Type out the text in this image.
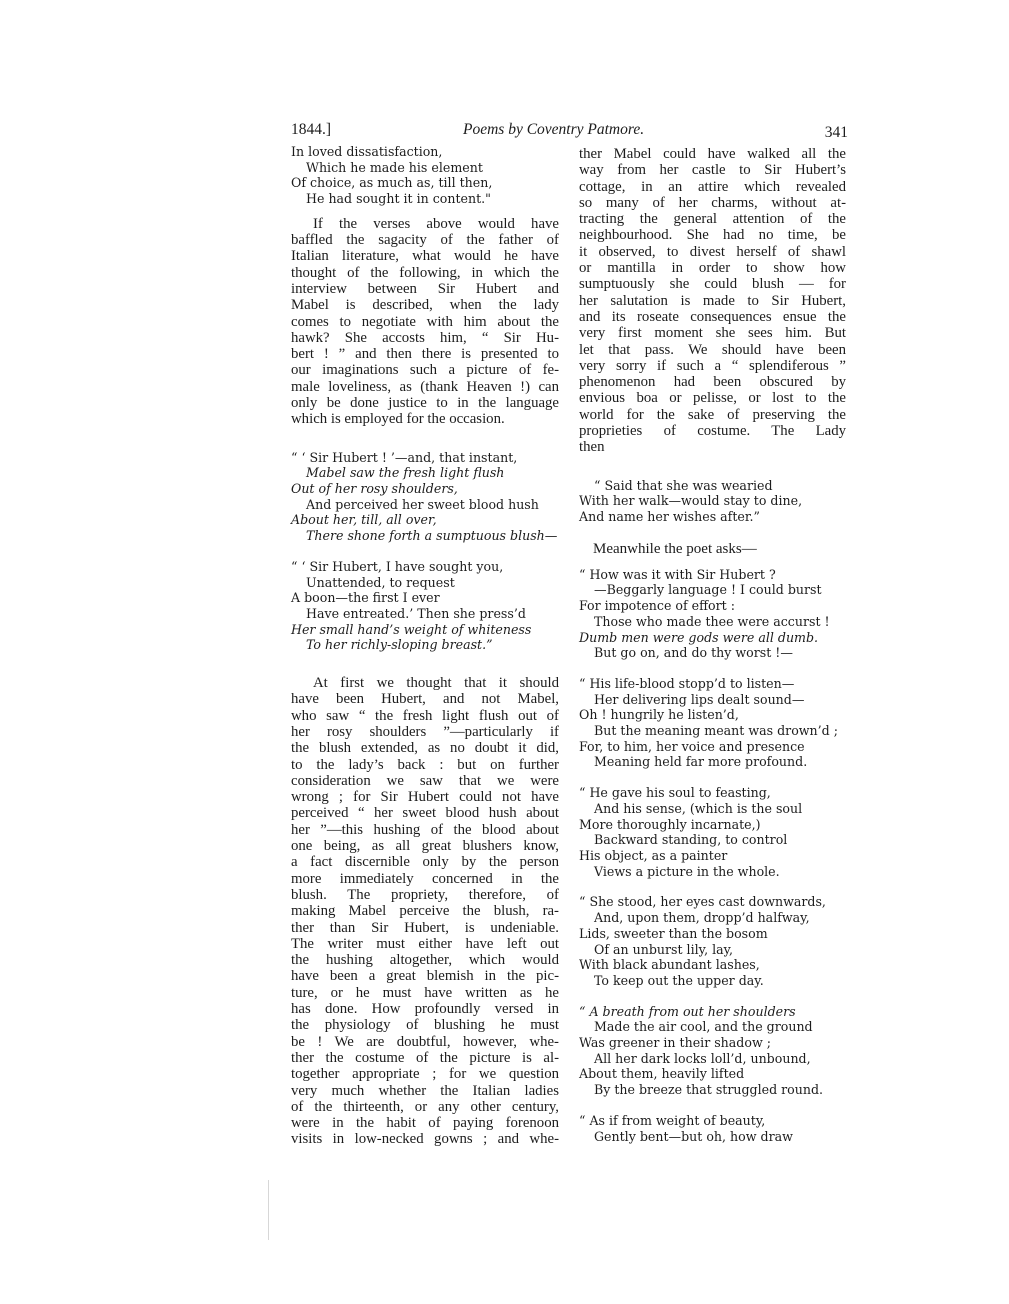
1844.]	Poems by Coventry Patmore.	341
In loved dissatisfaction,
Which he made his element
Of choice, as much as, till then,
He had sought it in content."
If the verses above would have
baffled the sagacity of the father of
Italian literature, what would he have
thought of the following, in which the
interview between Sir Hubert and
Mabel is described, when the lady
comes to negotiate with him about the
hawk? She accosts him, “ Sir Hu-
bert ! ” and then there is presented to
our imaginations such a picture of fe-
male loveliness, as (thank Heaven !) can
only be done justice to in the language
which is employed for the occasion.
“ ‘ Sir Hubert ! ’—and, that instant,
Mabel saw the fresh light flush
Out of her rosy shoulders,
And perceived her sweet blood hush
About her, till, all over,
There shone forth a sumptuous blush—
“ ‘ Sir Hubert, I have sought you,
Unattended, to request
A boon—the first I ever
Have entreated.’ Then she press’d
Her small hand’s weight of whiteness
To her richly-sloping breast.”
At first we thought that it should
have been Hubert, and not Mabel,
who saw “ the fresh light flush out of
her rosy shoulders ”—particularly if
the blush extended, as no doubt it did,
to the lady’s back : but on further
consideration we saw that we were
wrong ; for Sir Hubert could not have
perceived “ her sweet blood hush about
her ”—this hushing of the blood about
one being, as all great blushers know,
a fact discernible only by the person
more immediately concerned in the
blush. The propriety, therefore, of
making Mabel perceive the blush, ra-
ther than Sir Hubert, is undeniable.
The writer must either have left out
the hushing altogether, which would
have been a great blemish in the pic-
ture, or he must have written as he
has done. How profoundly versed in
the physiology of blushing he must
be ! We are doubtful, however, whe-
ther the costume of the picture is al-
together appropriate ; for we question
very much whether the Italian ladies
of the thirteenth, or any other century,
were in the habit of paying forenoon
visits in low-necked gowns ; and whe-
ther Mabel could have walked all the
way from her castle to Sir Hubert’s
cottage, in an attire which revealed
so many of her charms, without at-
tracting the general attention of the
neighbourhood. She had no time, be
it observed, to divest herself of shawl
or mantilla in order to show how
sumptuously she could blush — for
her salutation is made to Sir Hubert,
and its roseate consequences ensue the
very first moment she sees him. But
let that pass. We should have been
very sorry if such a “ splendiferous ”
phenomenon had been obscured by
envious boa or pelisse, or lost to the
world for the sake of preserving the
proprieties of costume. The Lady
then
“ Said that she was wearied
With her walk—would stay to dine,
And name her wishes after.”

Meanwhile the poet asks—

“ How was it with Sir Hubert ?
—Beggarly language ! I could burst
For impotence of effort :
Those who made thee were accurst !
Dumb men were gods were all dumb.
But go on, and do thy worst !—
“ His life-blood stopp’d to listen—
Her delivering lips dealt sound—
Oh ! hungrily he listen’d,
But the meaning meant was drown’d ;
For, to him, her voice and presence
Meaning held far more profound.
“ He gave his soul to feasting,
And his sense, (which is the soul
More thoroughly incarnate,)
Backward standing, to control
His object, as a painter
Views a picture in the whole.
“ She stood, her eyes cast downwards,
And, upon them, dropp’d halfway,
Lids, sweeter than the bosom
Of an unburst lily, lay,
With black abundant lashes,
To keep out the upper day.
“ A breath from out her shoulders
Made the air cool, and the ground
Was greener in their shadow ;
All her dark locks loll’d, unbound,
About them, heavily lifted
By the breeze that struggled round.
“ As if from weight of beauty,
Gently bent—but oh, how draw
